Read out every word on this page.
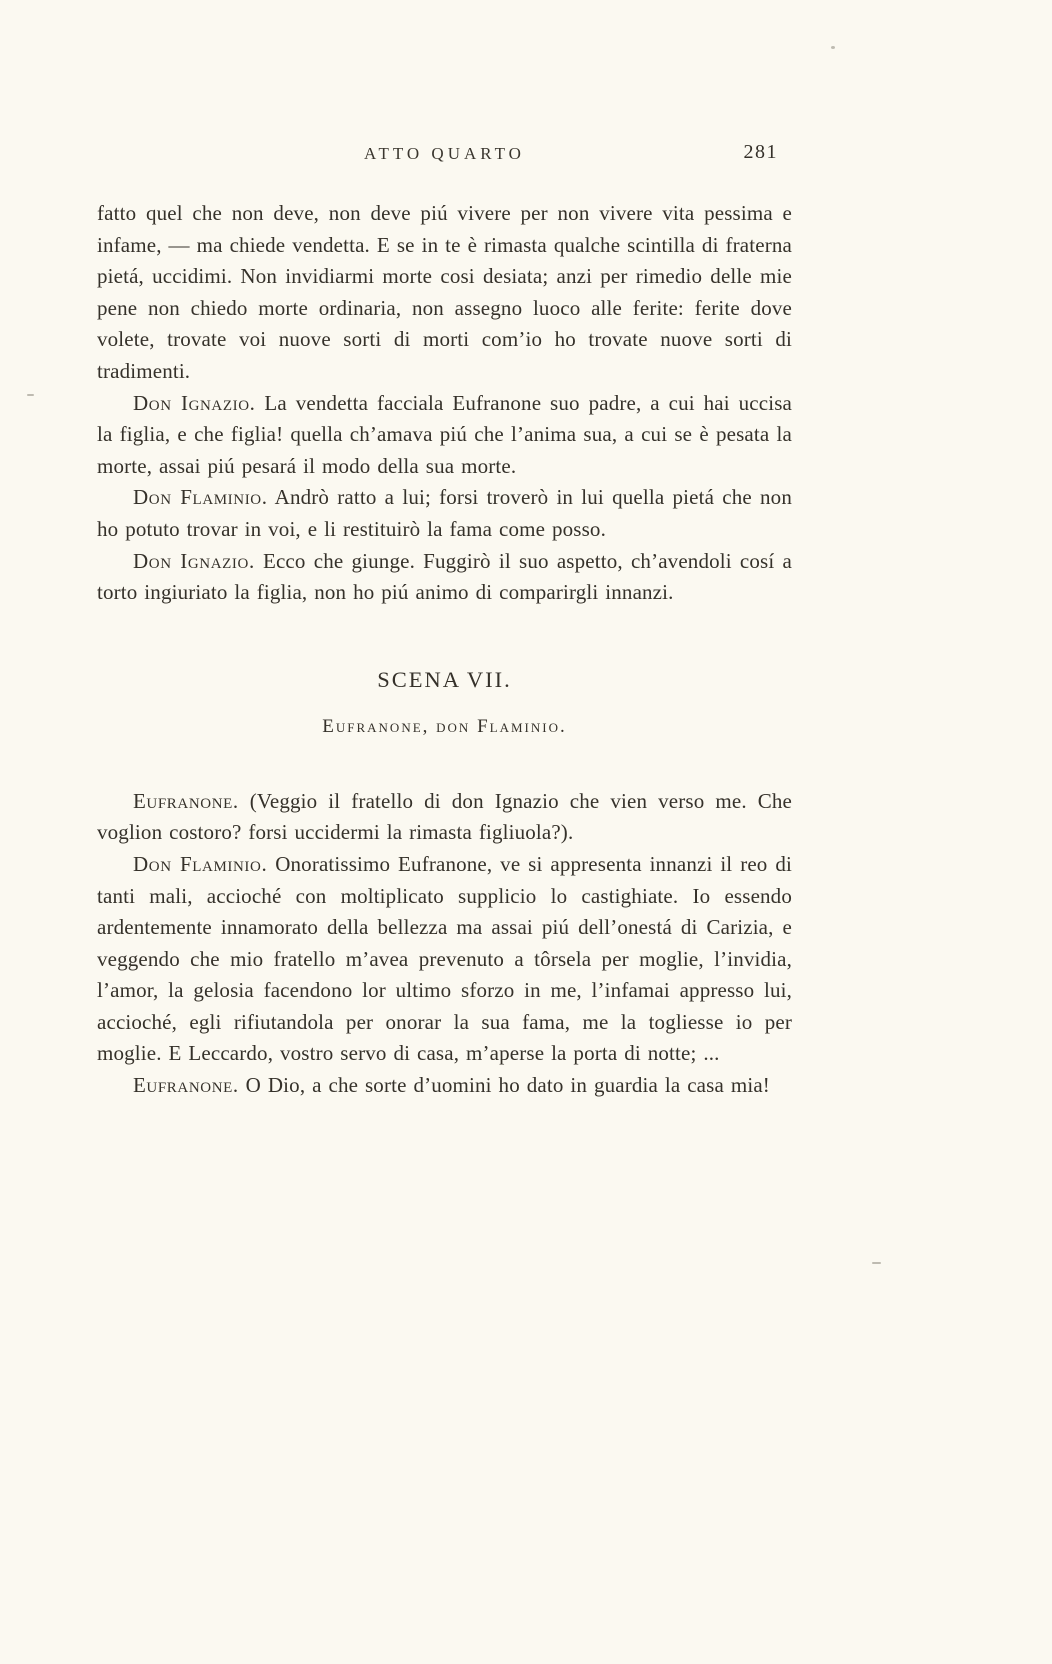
ATTO QUARTO	281

fatto quel che non deve, non deve piú vivere per non vivere vita pessima e infame, — ma chiede vendetta. E se in te è rimasta qualche scintilla di fraterna pietá, uccidimi. Non invidiarmi morte cosi desiata; anzi per rimedio delle mie pene non chiedo morte ordinaria, non assegno luoco alle ferite: ferite dove volete, trovate voi nuove sorti di morti com’io ho trovate nuove sorti di tradimenti.

Don Ignazio. La vendetta facciala Eufranone suo padre, a cui hai uccisa la figlia, e che figlia! quella ch’amava piú che l’anima sua, a cui se è pesata la morte, assai piú pesará il modo della sua morte.

Don Flaminio. Andrò ratto a lui; forsi troverò in lui quella pietá che non ho potuto trovar in voi, e li restituirò la fama come posso.

Don Ignazio. Ecco che giunge. Fuggirò il suo aspetto, ch’avendoli cosí a torto ingiuriato la figlia, non ho piú animo di comparirgli innanzi.

SCENA VII.
Eufranone, don Flaminio.

Eufranone. (Veggio il fratello di don Ignazio che vien verso me. Che voglion costoro? forsi uccidermi la rimasta figliuola?).

Don Flaminio. Onoratissimo Eufranone, ve si appresenta innanzi il reo di tanti mali, accioché con moltiplicato supplicio lo castighiate. Io essendo ardentemente innamorato della bellezza ma assai piú dell’onestá di Carizia, e veggendo che mio fratello m’avea prevenuto a tôrsela per moglie, l’invidia, l’amor, la gelosia facendono lor ultimo sforzo in me, l’infamai appresso lui, accioché, egli rifiutandola per onorar la sua fama, me la togliesse io per moglie. E Leccardo, vostro servo di casa, m’aperse la porta di notte; ...

Eufranone. O Dio, a che sorte d’uomini ho dato in guardia la casa mia!
